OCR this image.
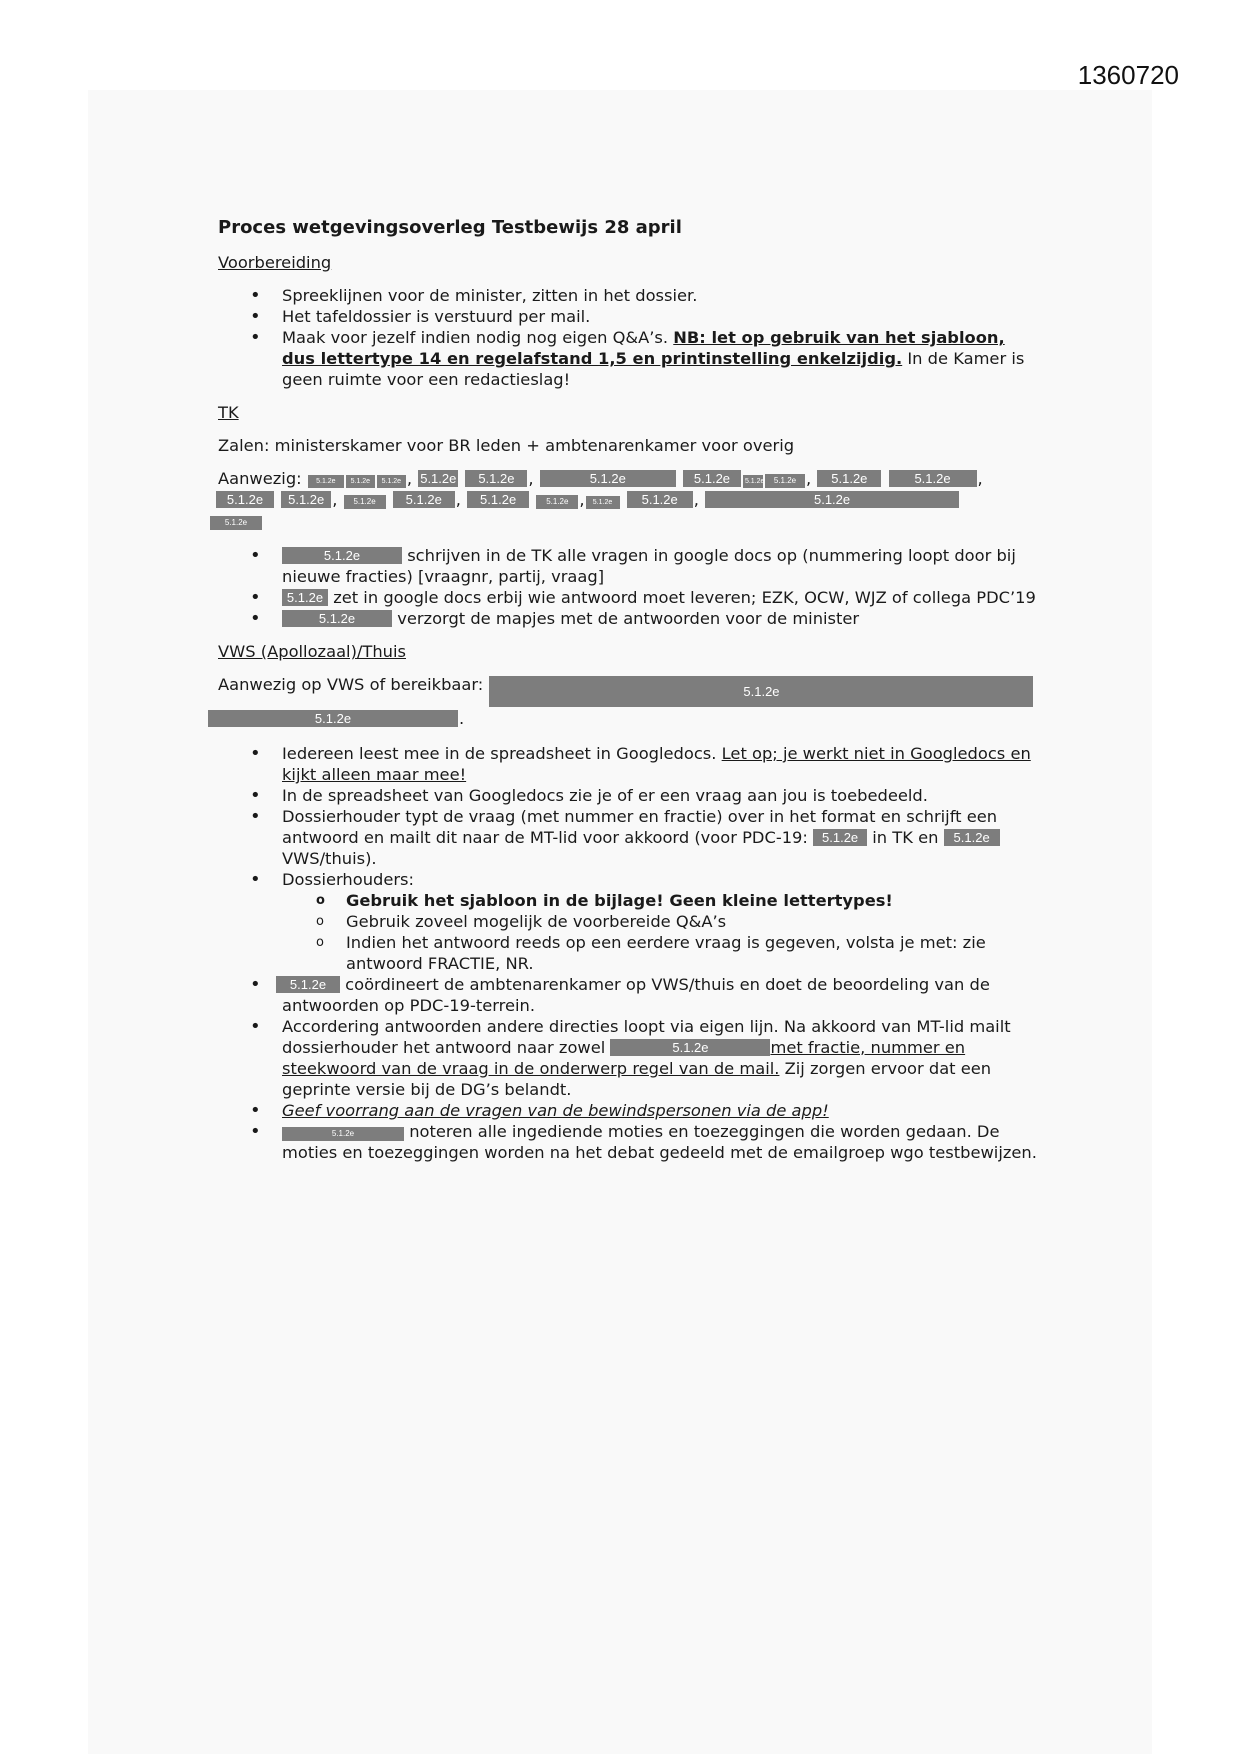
1360720
Proces wetgevingsoverleg Testbewijs 28 april
Voorbereiding
• Spreeklijnen voor de minister, zitten in het dossier.
• Het tafeldossier is verstuurd per mail.
• Maak voor jezelf indien nodig nog eigen Q&A’s. NB: let op gebruik van het sjabloon, dus lettertype 14 en regelafstand 1,5 en printinstelling enkelzijdig. In de Kamer is geen ruimte voor een redactieslag!
TK
Zalen: ministerskamer voor BR leden + ambtenarenkamer voor overig
Aanwezig: 5.1.2e 5.1.2e 5.1.2e , 5.1.2e 5.1.2e ,	5.1.2e	5.1.2e 5.1.2e 5.1.2e , 5.1.2e	5.1.2e ,
5.1.2e 5.1.2e , 5.1.2e 5.1.2e , 5.1.2e	5.1.2e , 5.1.2e 5.1.2e ,	5.1.2e
5.1.2e
• 5.1.2e	schrijven in de TK alle vragen in google docs op (nummering loopt door bij nieuwe fracties) [vraagnr, partij, vraag]
• 5.1.2e zet in google docs erbij wie antwoord moet leveren; EZK, OCW, WJZ of collega PDC’19
• 5.1.2e	verzorgt de mapjes met de antwoorden voor de minister
VWS (Apollozaal)/Thuis
Aanwezig op VWS of bereikbaar:	5.1.2e
5.1.2e	.
• Iedereen leest mee in de spreadsheet in Googledocs. Let op; je werkt niet in Googledocs en kijkt alleen maar mee!
• In de spreadsheet van Googledocs zie je of er een vraag aan jou is toebedeeld.
• Dossierhouder typt de vraag (met nummer en fractie) over in het format en schrijft een antwoord en mailt dit naar de MT-lid voor akkoord (voor PDC-19: 5.1.2e in TK en 5.1.2e VWS/thuis).
• Dossierhouders:
o Gebruik het sjabloon in de bijlage! Geen kleine lettertypes!
o Gebruik zoveel mogelijk de voorbereide Q&A’s
o Indien het antwoord reeds op een eerdere vraag is gegeven, volsta je met: zie antwoord FRACTIE, NR.
• 5.1.2e coördineert de ambtenarenkamer op VWS/thuis en doet de beoordeling van de antwoorden op PDC-19-terrein.
• Accordering antwoorden andere directies loopt via eigen lijn. Na akkoord van MT-lid mailt dossierhouder het antwoord naar zowel	5.1.2e	met fractie, nummer en steekwoord van de vraag in de onderwerp regel van de mail. Zij zorgen ervoor dat een geprinte versie bij de DG’s belandt.
• Geef voorrang aan de vragen van de bewindspersonen via de app!
• 5.1.2e	noteren alle ingediende moties en toezeggingen die worden gedaan. De moties en toezeggingen worden na het debat gedeeld met de emailgroep wgo testbewijzen.
